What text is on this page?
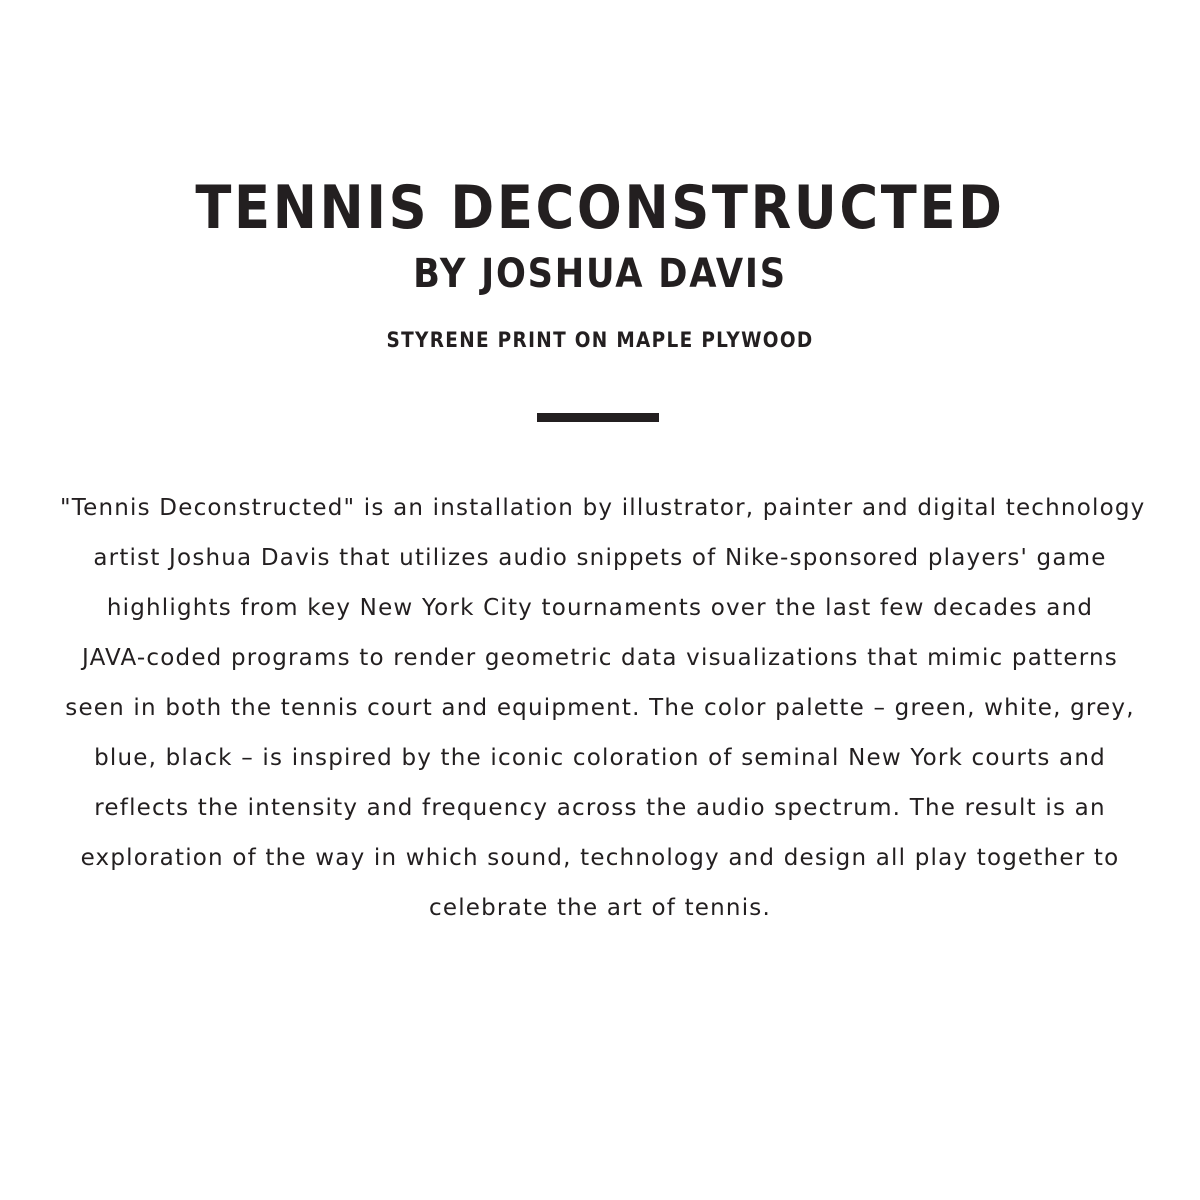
TENNIS DECONSTRUCTED
BY JOSHUA DAVIS
STYRENE PRINT ON MAPLE PLYWOOD

"Tennis Deconstructed" is an installation by illustrator, painter and digital technology
artist Joshua Davis that utilizes audio snippets of Nike-sponsored players' game
highlights from key New York City tournaments over the last few decades and
JAVA-coded programs to render geometric data visualizations that mimic patterns
seen in both the tennis court and equipment. The color palette – green, white, grey,
blue, black – is inspired by the iconic coloration of seminal New York courts and
reflects the intensity and frequency across the audio spectrum. The result is an
exploration of the way in which sound, technology and design all play together to
celebrate the art of tennis.
